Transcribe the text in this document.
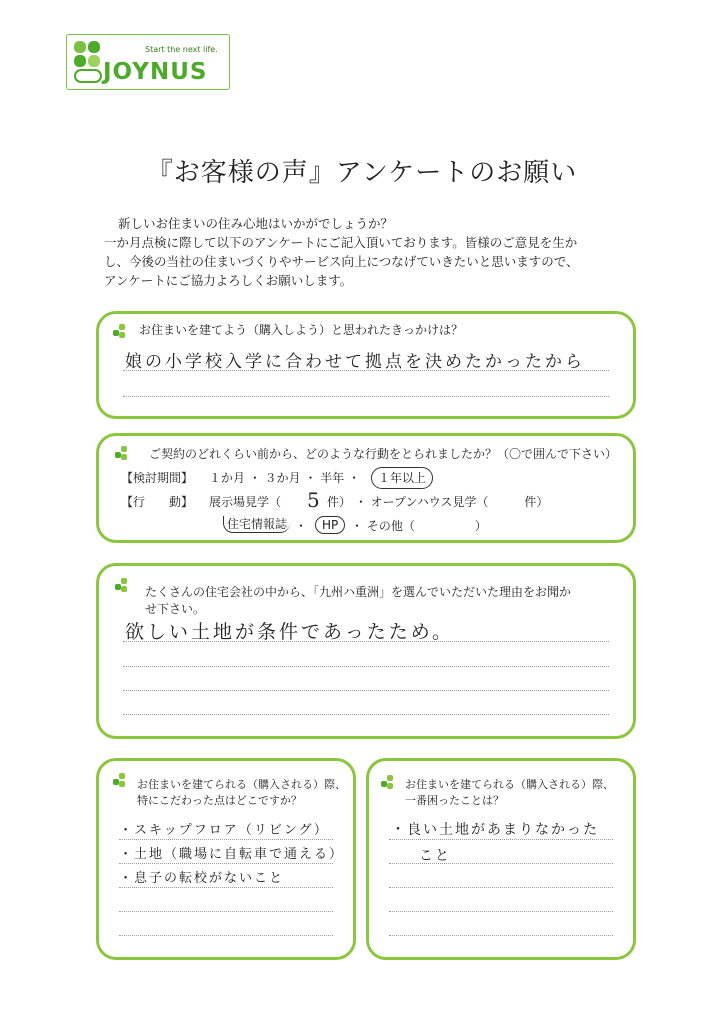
Start the next life.
JOYNUS
『お客様の声』アンケートのお願い

新しいお住まいの住み心地はいかがでしょうか？

一か月点検に際して以下のアンケートにご記入頂いております。皆様のご意見を生か

し、今後の当社の住まいづくりやサービス向上につなげていきたいと思いますので、

アンケートにご協力よろしくお願いします。

お住まいを建てよう（購入しよう）と思われたきっかけは？
娘の小学校入学に合わせて拠点を決めたかったから
ご契約のどれくらい前から、どのような行動をとられましたか？（〇で囲んで下さい）
【検討期間】 １か月 ・ ３か月 ・ 半年 ・	１年以上
【行　　動】 展示場見学（ 5 件） ・ オープンハウス見学（　　　件）
住宅情報誌 ・	HP	・ その他（　　　　　）
たくさんの住宅会社の中から、「九州ハ重洲」を選んでいただいた理由をお聞か
せ下さい。
欲しい土地が条件であったため。
お住まいを建てられる（購入される）際、
特にこだわった点はどこですか？
・スキップフロア（リビング）
・土地（職場に自転車で通える）
・息子の転校がないこと
お住まいを建てられる（購入される）際、
一番困ったことは？
・良い土地があまりなかった
こと
